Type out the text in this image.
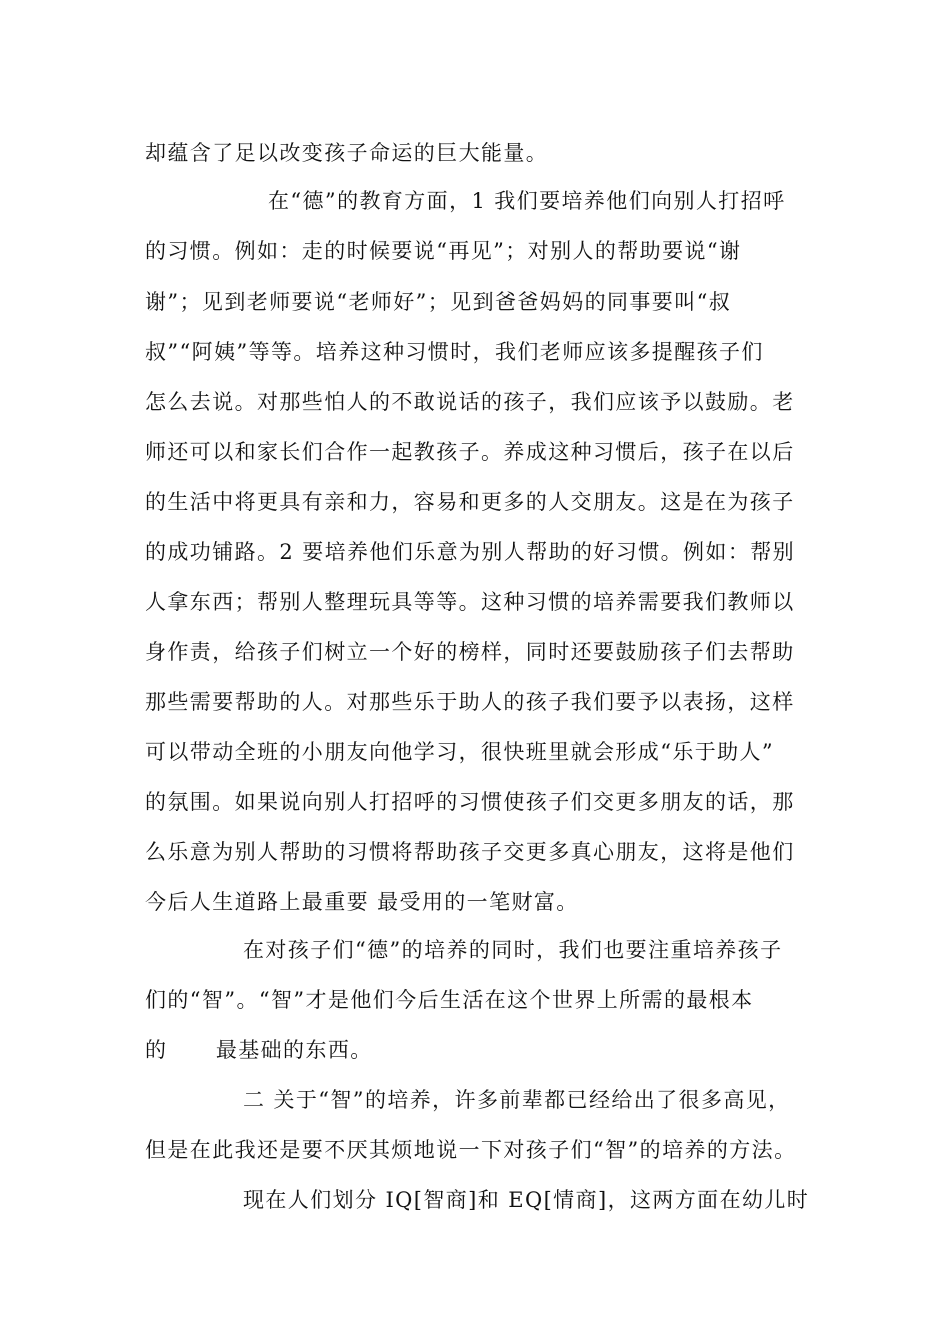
却蕴含了足以改变孩子命运的巨大能量。
在“德”的教育方面，1 我们要培养他们向别人打招呼
的习惯。例如：走的时候要说“再见”；对别人的帮助要说“谢
谢”；见到老师要说“老师好”；见到爸爸妈妈的同事要叫“叔
叔”“阿姨”等等。培养这种习惯时，我们老师应该多提醒孩子们
怎么去说。对那些怕人的不敢说话的孩子，我们应该予以鼓励。老
师还可以和家长们合作一起教孩子。养成这种习惯后，孩子在以后
的生活中将更具有亲和力，容易和更多的人交朋友。这是在为孩子
的成功铺路。2 要培养他们乐意为别人帮助的好习惯。例如：帮别
人拿东西；帮别人整理玩具等等。这种习惯的培养需要我们教师以
身作责，给孩子们树立一个好的榜样，同时还要鼓励孩子们去帮助
那些需要帮助的人。对那些乐于助人的孩子我们要予以表扬，这样
可以带动全班的小朋友向他学习，很快班里就会形成“乐于助人”
的氛围。如果说向别人打招呼的习惯使孩子们交更多朋友的话，那
么乐意为别人帮助的习惯将帮助孩子交更多真心朋友，这将是他们
今后人生道路上最重要 最受用的一笔财富。
在对孩子们“德”的培养的同时，我们也要注重培养孩子
们的“智”。“智”才是他们今后生活在这个世界上所需的最根本
的      最基础的东西。
二 关于“智”的培养，许多前辈都已经给出了很多高见，
但是在此我还是要不厌其烦地说一下对孩子们“智”的培养的方法。
现在人们划分 IQ[智商]和 EQ[情商]，这两方面在幼儿时
